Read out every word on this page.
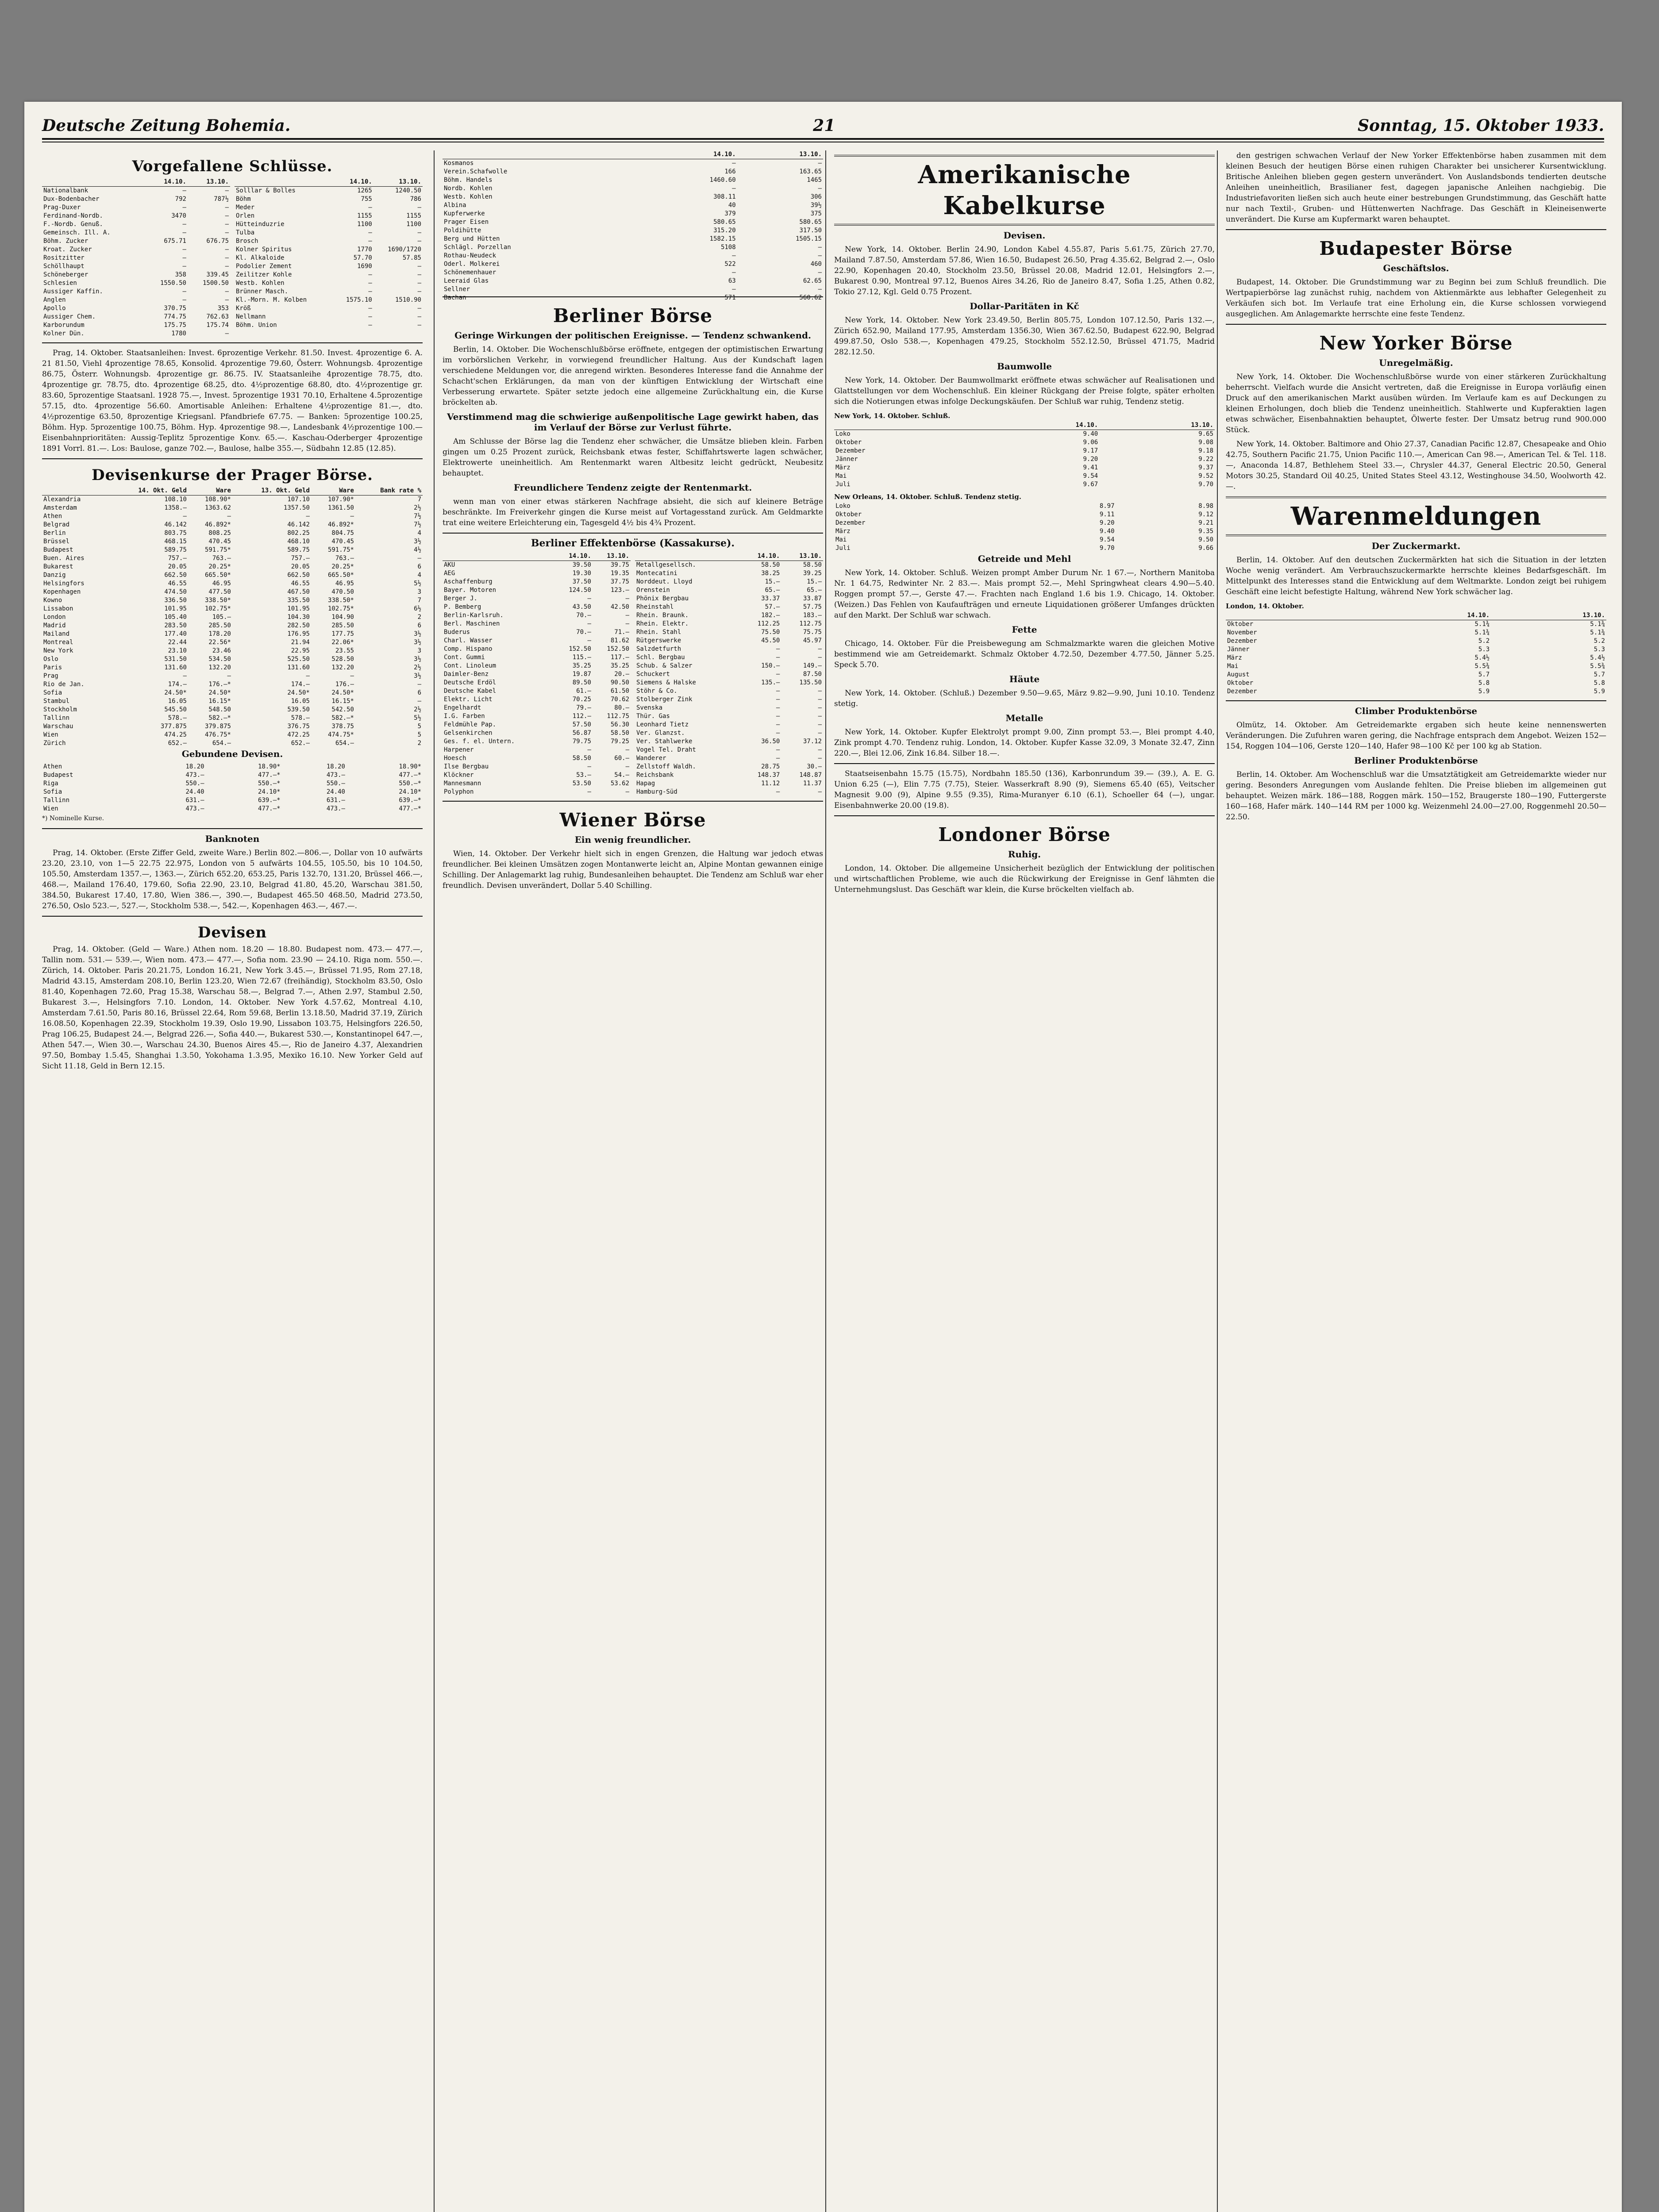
Deutsche Zeitung Bohemia.	21	Sonntag, 15. Oktober 1933.
Vorgefallene Schlüsse.
	14.10.	13.10.
Nationalbank	—	—
Dux-Bodenbacher	792	787½
Prag-Duxer	—	—
Ferdinand-Nordb.	3470	—
F.-Nordb. Genuß.	—	—
Gemeinsch. Ill. A.	—	—
Böhm. Zucker	675.71	676.75
Kroat. Zucker	—	—
Rositzitter	—	—
Schöllhaupt	—	—
Schöneberger	358	339.45
Schlesien	1550.50	1500.50
Aussiger Kaffin.	—	—
Anglen	—	—
Apollo	370.75	353
Aussiger Chem.	774.75	762.63
Karborundum	175.75	175.74
Kolner Dün.	1780	—
	14.10.	13.10.
Solllar & Bolles	1265	1240.50
Böhm	755	786
Meder	—	—
Orlen	1155	1155
Hütteinduzrie	1100	1100
Tulba	—	—
Brosch	—	—
Kolner Spiritus	1770	1690/1720
Kl. Alkaloide	57.70	57.85
Podolier Zement	1690	—
Zeilitzer Kohle	—	—
Westb. Kohlen	—	—
Brünner Masch.	—	—
Kl.-Morn. M. Kolben	1575.10	1510.90
Kröß	—	—
Nellmann	—	—
Böhm. Union	—	—

Prag, 14. Oktober. Staatsanleihen: Invest. 6prozentige Verkehr. 81.50. Invest. 4prozentige 6. A. 21 81.50, Viehl 4prozentige 78.65, Konsolid. 4prozentige 79.60, Österr. Wohnungsb. 4prozentige 86.75, Österr. Wohnungsb. 4prozentige gr. 86.75. IV. Staatsanleihe 4prozentige 78.75, dto. 4prozentige gr. 78.75, dto. 4prozentige 68.25, dto. 4½prozentige 68.80, dto. 4½prozentige gr. 83.60, 5prozentige Staatsanl. 1928 75.—, Invest. 5prozentige 1931 70.10, Erhaltene 4.5prozentige 57.15, dto. 4prozentige 56.60. Amortisable Anleihen: Erhaltene 4½prozentige 81.—, dto. 4½prozentige 63.50, 8prozentige Kriegsanl. Pfandbriefe 67.75. — Banken: 5prozentige 100.25, Böhm. Hyp. 5prozentige 100.75, Böhm. Hyp. 4prozentige 98.—, Landesbank 4½prozentige 100.— Eisenbahnprioritäten: Aussig-Teplitz 5prozentige Konv. 65.—. Kaschau-Oderberger 4prozentige 1891 Vorrl. 81.—. Los: Baulose, ganze 702.—, Baulose, halbe 355.—, Südbahn 12.85 (12.85).

Devisenkurse der Prager Börse.
	14. Okt. Geld	Ware	13. Okt. Geld	Ware	Bank rate %
Alexandria	108.10	108.90*	107.10	107.90*	7
Amsterdam	1358.—	1363.62	1357.50	1361.50	2½
Athen	—	—	—	—	7½
Belgrad	46.142	46.892*	46.142	46.892*	7½
Berlin	803.75	808.25	802.25	804.75	4
Brüssel	468.15	470.45	468.10	470.45	3½
Budapest	589.75	591.75*	589.75	591.75*	4½
Buen. Aires	757.—	763.—	757.—	763.—	—
Bukarest	20.05	20.25*	20.05	20.25*	6
Danzig	662.50	665.50*	662.50	665.50*	4
Helsingfors	46.55	46.95	46.55	46.95	5½
Kopenhagen	474.50	477.50	467.50	470.50	3
Kowno	336.50	338.50*	335.50	338.50*	7
Lissabon	101.95	102.75*	101.95	102.75*	6½
London	105.40	105.—	104.30	104.90	2
Madrid	283.50	285.50	282.50	285.50	6
Mailand	177.40	178.20	176.95	177.75	3½
Montreal	22.44	22.56*	21.94	22.06*	3½
New York	23.10	23.46	22.95	23.55	3
Oslo	531.50	534.50	525.50	528.50	3½
Paris	131.60	132.20	131.60	132.20	2½
Prag	—	—	—	—	3½
Rio de Jan.	174.—	176.—*	174.—	176.—	—
Sofia	24.50*	24.50*	24.50*	24.50*	6
Stambul	16.05	16.15*	16.05	16.15*	—
Stockholm	545.50	548.50	539.50	542.50	2½
Tallinn	578.—	582.—*	578.—	582.—*	5½
Warschau	377.875	379.875	376.75	378.75	5
Wien	474.25	476.75*	472.25	474.75*	5
Zürich	652.—	654.—	652.—	654.—	2
Gebundene Devisen.
Athen	18.20	18.90*	18.20	18.90*
Budapest	473.—	477.—*	473.—	477.—*
Riga	550.—	550.—*	550.—	550.—*
Sofia	24.40	24.10*	24.40	24.10*
Tallinn	631.—	639.—*	631.—	639.—*
Wien	473.—	477.—*	473.—	477.—*
*) Nominelle Kurse.
Banknoten

Prag, 14. Oktober. (Erste Ziffer Geld, zweite Ware.) Berlin 802.—806.—, Dollar von 10 aufwärts 23.20, 23.10, von 1—5 22.75 22.975, London von 5 aufwärts 104.55, 105.50, bis 10 104.50, 105.50, Amsterdam 1357.—, 1363.—, Zürich 652.20, 653.25, Paris 132.70, 131.20, Brüssel 466.—, 468.—, Mailand 176.40, 179.60, Sofia 22.90, 23.10, Belgrad 41.80, 45.20, Warschau 381.50, 384.50, Bukarest 17.40, 17.80, Wien 386.—, 390.—, Budapest 465.50 468.50, Madrid 273.50, 276.50, Oslo 523.—, 527.—, Stockholm 538.—, 542.—, Kopenhagen 463.—, 467.—.

Devisen

Prag, 14. Oktober. (Geld — Ware.) Athen nom. 18.20 — 18.80. Budapest nom. 473.— 477.—, Tallin nom. 531.— 539.—, Wien nom. 473.— 477.—, Sofia nom. 23.90 — 24.10. Riga nom. 550.—. Zürich, 14. Oktober. Paris 20.21.75, London 16.21, New York 3.45.—, Brüssel 71.95, Rom 27.18, Madrid 43.15, Amsterdam 208.10, Berlin 123.20, Wien 72.67 (freihändig), Stockholm 83.50, Oslo 81.40, Kopenhagen 72.60, Prag 15.38, Warschau 58.—, Belgrad 7.—, Athen 2.97, Stambul 2.50, Bukarest 3.—, Helsingfors 7.10. London, 14. Oktober. New York 4.57.62, Montreal 4.10, Amsterdam 7.61.50, Paris 80.16, Brüssel 22.64, Rom 59.68, Berlin 13.18.50, Madrid 37.19, Zürich 16.08.50, Kopenhagen 22.39, Stockholm 19.39, Oslo 19.90, Lissabon 103.75, Helsingfors 226.50, Prag 106.25, Budapest 24.—, Belgrad 226.—, Sofia 440.—, Bukarest 530.—, Konstantinopel 647.—, Athen 547.—, Wien 30.—, Warschau 24.30, Buenos Aires 45.—, Rio de Janeiro 4.37, Alexandrien 97.50, Bombay 1.5.45, Shanghai 1.3.50, Yokohama 1.3.95, Mexiko 16.10. New Yorker Geld auf Sicht 11.18, Geld in Bern 12.15.

	14.10.	13.10.
Kosmanos	—	—
Verein.Schafwolle	166	163.65
Böhm. Handels	1460.60	1465
Nordb. Kohlen	—	—
Westb. Kohlen	308.11	306
Albina	40	39½
Kupferwerke	379	375
Prager Eisen	580.65	580.65
Poldihütte	315.20	317.50
Berg und Hütten	1582.15	1505.15
Schlägl. Porzellan	5108	—
Rothau-Neudeck	—	—
Oderl. Molkerei	522	460
Schönemenhauer	—	—
Leeraid Glas	63	62.65
Sellner	—	—
Bachan	571	560.62
Berliner Börse
Geringe Wirkungen der politischen Ereignisse. — Tendenz schwankend.

Berlin, 14. Oktober. Die Wochenschlußbörse eröffnete, entgegen der optimistischen Erwartung im vorbörslichen Verkehr, in vorwiegend freundlicher Haltung. Aus der Kundschaft lagen verschiedene Meldungen vor, die anregend wirkten. Besonderes Interesse fand die Annahme der Schacht'schen Erklärungen, da man von der künftigen Entwicklung der Wirtschaft eine Verbesserung erwartete. Später setzte jedoch eine allgemeine Zurückhaltung ein, die Kurse bröckelten ab.

Verstimmend mag die schwierige außenpolitische Lage gewirkt haben, das im Verlauf der Börse zur Verlust führte.

Am Schlusse der Börse lag die Tendenz eher schwächer, die Umsätze blieben klein. Farben gingen um 0.25 Prozent zurück, Reichsbank etwas fester, Schiffahrtswerte lagen schwächer, Elektrowerte uneinheitlich. Am Rentenmarkt waren Altbesitz leicht gedrückt, Neubesitz behauptet.

Freundlichere Tendenz zeigte der Rentenmarkt.

wenn man von einer etwas stärkeren Nachfrage absieht, die sich auf kleinere Beträge beschränkte. Im Freiverkehr gingen die Kurse meist auf Vortagesstand zurück. Am Geldmarkte trat eine weitere Erleichterung ein, Tagesgeld 4½ bis 4¾ Prozent.

Berliner Effektenbörse (Kassakurse).
	14.10.	13.10.
AKU	39.50	39.75
AEG	19.30	19.35
Aschaffenburg	37.50	37.75
Bayer. Motoren	124.50	123.—
Berger J.	—	—
P. Bemberg	43.50	42.50
Berlin-Karlsruh.	70.—	—
Berl. Maschinen	—	—
Buderus	70.—	71.—
Charl. Wasser	—	81.62
Comp. Hispano	152.50	152.50
Cont. Gummi	115.—	117.—
Cont. Linoleum	35.25	35.25
Daimler-Benz	19.87	20.—
Deutsche Erdöl	89.50	90.50
Deutsche Kabel	61.—	61.50
Elektr. Licht	70.25	70.62
Engelhardt	79.—	80.—
I.G. Farben	112.—	112.75
Feldmühle Pap.	57.50	56.30
Gelsenkirchen	56.87	58.50
Ges. f. el. Untern.	79.75	79.25
Harpener	—	—
Hoesch	58.50	60.—
Ilse Bergbau	—	—
Klöckner	53.—	54.—
Mannesmann	53.50	53.62
Polyphon	—	—
	14.10.	13.10.
Metallgesellsch.	58.50	58.50
Montecatini	38.25	39.25
Norddeut. Lloyd	15.—	15.—
Orenstein	65.—	65.—
Phönix Bergbau	33.37	33.87
Rheinstahl	57.—	57.75
Rhein. Braunk.	182.—	183.—
Rhein. Elektr.	112.25	112.75
Rhein. Stahl	75.50	75.75
Rütgerswerke	45.50	45.97
Salzdetfurth	—	—
Schl. Bergbau	—	—
Schub. & Salzer	150.—	149.—
Schuckert	—	87.50
Siemens & Halske	135.—	135.50
Stöhr & Co.	—	—
Stolberger Zink	—	—
Svenska	—	—
Thür. Gas	—	—
Leonhard Tietz	—	—
Ver. Glanzst.	—	—
Ver. Stahlwerke	36.50	37.12
Vogel Tel. Draht	—	—
Wanderer	—	—
Zellstoff Waldh.	28.75	30.—
Reichsbank	148.37	148.87
Hapag	11.12	11.37
Hamburg-Süd	—	—
Wiener Börse
Ein wenig freundlicher.

Wien, 14. Oktober. Der Verkehr hielt sich in engen Grenzen, die Haltung war jedoch etwas freundlicher. Bei kleinen Umsätzen zogen Montanwerte leicht an, Alpine Montan gewannen einige Schilling. Der Anlagemarkt lag ruhig, Bundesanleihen behauptet. Die Tendenz am Schluß war eher freundlich. Devisen unverändert, Dollar 5.40 Schilling.

Amerikanische Kabelkurse
Devisen.

New York, 14. Oktober. Berlin 24.90, London Kabel 4.55.87, Paris 5.61.75, Zürich 27.70, Mailand 7.87.50, Amsterdam 57.86, Wien 16.50, Budapest 26.50, Prag 4.35.62, Belgrad 2.—, Oslo 22.90, Kopenhagen 20.40, Stockholm 23.50, Brüssel 20.08, Madrid 12.01, Helsingfors 2.—, Bukarest 0.90, Montreal 97.12, Buenos Aires 34.26, Rio de Janeiro 8.47, Sofia 1.25, Athen 0.82, Tokio 27.12, Kgl. Geld 0.75 Prozent.

Dollar-Paritäten in Kč

New York, 14. Oktober. New York 23.49.50, Berlin 805.75, London 107.12.50, Paris 132.—, Zürich 652.90, Mailand 177.95, Amsterdam 1356.30, Wien 367.62.50, Budapest 622.90, Belgrad 499.87.50, Oslo 538.—, Kopenhagen 479.25, Stockholm 552.12.50, Brüssel 471.75, Madrid 282.12.50.

Baumwolle

New York, 14. Oktober. Der Baumwollmarkt eröffnete etwas schwächer auf Realisationen und Glattstellungen vor dem Wochenschluß. Ein kleiner Rückgang der Preise folgte, später erholten sich die Notierungen etwas infolge Deckungskäufen. Der Schluß war ruhig, Tendenz stetig.

New York, 14. Oktober. Schluß.
	14.10.	13.10.
Loko	9.40	9.65
Oktober	9.06	9.08
Dezember	9.17	9.18
Jänner	9.20	9.22
März	9.41	9.37
Mai	9.54	9.52
Juli	9.67	9.70
New Orleans, 14. Oktober. Schluß. Tendenz stetig.
Loko	8.97	8.98
Oktober	9.11	9.12
Dezember	9.20	9.21
März	9.40	9.35
Mai	9.54	9.50
Juli	9.70	9.66
Getreide und Mehl

New York, 14. Oktober. Schluß. Weizen prompt Amber Durum Nr. 1 67.—, Northern Manitoba Nr. 1 64.75, Redwinter Nr. 2 83.—. Mais prompt 52.—, Mehl Springwheat clears 4.90—5.40. Roggen prompt 57.—, Gerste 47.—. Frachten nach England 1.6 bis 1.9. Chicago, 14. Oktober. (Weizen.) Das Fehlen von Kaufaufträgen und erneute Liquidationen größerer Umfanges drückten auf den Markt. Der Schluß war schwach.

Fette

Chicago, 14. Oktober. Für die Preisbewegung am Schmalzmarkte waren die gleichen Motive bestimmend wie am Getreidemarkt. Schmalz Oktober 4.72.50, Dezember 4.77.50, Jänner 5.25. Speck 5.70.

Häute

New York, 14. Oktober. (Schluß.) Dezember 9.50—9.65, März 9.82—9.90, Juni 10.10. Tendenz stetig.

Metalle

New York, 14. Oktober. Kupfer Elektrolyt prompt 9.00, Zinn prompt 53.—, Blei prompt 4.40, Zink prompt 4.70. Tendenz ruhig. London, 14. Oktober. Kupfer Kasse 32.09, 3 Monate 32.47, Zinn 220.—, Blei 12.06, Zink 16.84. Silber 18.—.

Staatseisenbahn 15.75 (15.75), Nordbahn 185.50 (136), Karbonrundum 39.— (39.), A. E. G. Union 6.25 (—), Elin 7.75 (7.75), Steier. Wasserkraft 8.90 (9), Siemens 65.40 (65), Veitscher Magnesit 9.00 (9), Alpine 9.55 (9.35), Rima-Muranyer 6.10 (6.1), Schoeller 64 (—), ungar. Eisenbahnwerke 20.00 (19.8).

Londoner Börse
Ruhig.

London, 14. Oktober. Die allgemeine Unsicherheit bezüglich der Entwicklung der politischen und wirtschaftlichen Probleme, wie auch die Rückwirkung der Ereignisse in Genf lähmten die Unternehmungslust. Das Geschäft war klein, die Kurse bröckelten vielfach ab.

den gestrigen schwachen Verlauf der New Yorker Effektenbörse haben zusammen mit dem kleinen Besuch der heutigen Börse einen ruhigen Charakter bei unsicherer Kursentwicklung. Britische Anleihen blieben gegen gestern unverändert. Von Auslandsbonds tendierten deutsche Anleihen uneinheitlich, Brasilianer fest, dagegen japanische Anleihen nachgiebig. Die Industriefavoriten ließen sich auch heute einer bestrebungen Grundstimmung, das Geschäft hatte nur nach Textil-, Gruben- und Hüttenwerten Nachfrage. Das Geschäft in Kleineisenwerte unverändert. Die Kurse am Kupfermarkt waren behauptet.

Budapester Börse
Geschäftslos.

Budapest, 14. Oktober. Die Grundstimmung war zu Beginn bei zum Schluß freundlich. Die Wertpapierbörse lag zunächst ruhig, nachdem von Aktienmärkte aus lebhafter Gelegenheit zu Verkäufen sich bot. Im Verlaufe trat eine Erholung ein, die Kurse schlossen vorwiegend ausgeglichen. Am Anlagemarkte herrschte eine feste Tendenz.

New Yorker Börse
Unregelmäßig.

New York, 14. Oktober. Die Wochenschlußbörse wurde von einer stärkeren Zurückhaltung beherrscht. Vielfach wurde die Ansicht vertreten, daß die Ereignisse in Europa vorläufig einen Druck auf den amerikanischen Markt ausüben würden. Im Verlaufe kam es auf Deckungen zu kleinen Erholungen, doch blieb die Tendenz uneinheitlich. Stahlwerte und Kupferaktien lagen etwas schwächer, Eisenbahnaktien behauptet, Ölwerte fester. Der Umsatz betrug rund 900.000 Stück.

New York, 14. Oktober. Baltimore and Ohio 27.37, Canadian Pacific 12.87, Chesapeake and Ohio 42.75, Southern Pacific 21.75, Union Pacific 110.—, American Can 98.—, American Tel. & Tel. 118.—, Anaconda 14.87, Bethlehem Steel 33.—, Chrysler 44.37, General Electric 20.50, General Motors 30.25, Standard Oil 40.25, United States Steel 43.12, Westinghouse 34.50, Woolworth 42.—.

Warenmeldungen
Der Zuckermarkt.

Berlin, 14. Oktober. Auf den deutschen Zuckermärkten hat sich die Situation in der letzten Woche wenig verändert. Am Verbrauchszuckermarkte herrschte kleines Bedarfsgeschäft. Im Mittelpunkt des Interesses stand die Entwicklung auf dem Weltmarkte. London zeigt bei ruhigem Geschäft eine leicht befestigte Haltung, während New York schwächer lag.

London, 14. Oktober.
	14.10.	13.10.
Oktober	5.1¾	5.1¾
November	5.1¾	5.1¾
Dezember	5.2	5.2
Jänner	5.3	5.3
März	5.4½	5.4½
Mai	5.5¾	5.5¾
August	5.7	5.7
Oktober	5.8	5.8
Dezember	5.9	5.9
Climber Produktenbörse

Olmütz, 14. Oktober. Am Getreidemarkte ergaben sich heute keine nennenswerten Veränderungen. Die Zufuhren waren gering, die Nachfrage entsprach dem Angebot. Weizen 152—154, Roggen 104—106, Gerste 120—140, Hafer 98—100 Kč per 100 kg ab Station.

Berliner Produktenbörse

Berlin, 14. Oktober. Am Wochenschluß war die Umsatztätigkeit am Getreidemarkte wieder nur gering. Besonders Anregungen vom Auslande fehlten. Die Preise blieben im allgemeinen gut behauptet. Weizen märk. 186—188, Roggen märk. 150—152, Braugerste 180—190, Futtergerste 160—168, Hafer märk. 140—144 RM per 1000 kg. Weizenmehl 24.00—27.00, Roggenmehl 20.50—22.50.
